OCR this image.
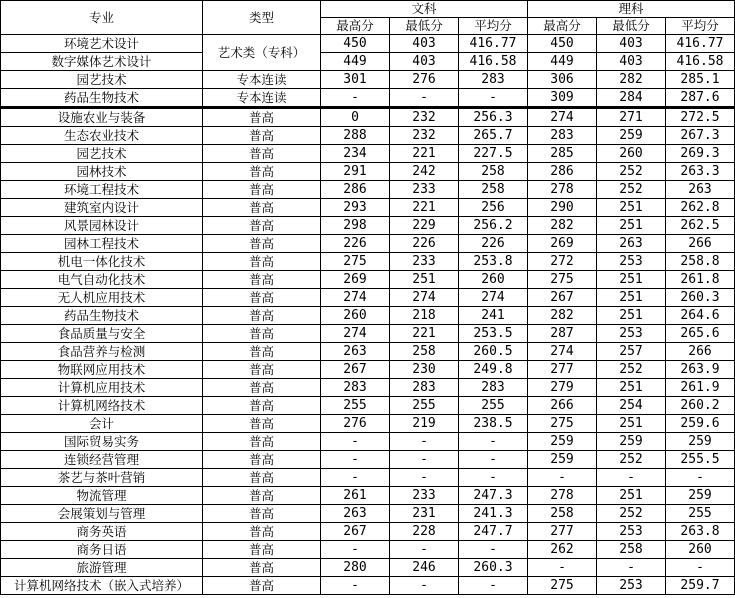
专业	类型	文科			理科		
		最高分	最低分	平均分	最高分	最低分	平均分
环境艺术设计	艺术类（专科）	450	403	416.77	450	403	416.77
数字媒体艺术设计		449	403	416.58	449	403	416.58
园艺技术	专本连读	301	276	283	306	282	285.1
药品生物技术	专本连读	-	-	-	309	284	287.6
设施农业与装备	普高	0	232	256.3	274	271	272.5
生态农业技术	普高	288	232	265.7	283	259	267.3
园艺技术	普高	234	221	227.5	285	260	269.3
园林技术	普高	291	242	258	286	252	263.3
环境工程技术	普高	286	233	258	278	252	263
建筑室内设计	普高	293	221	256	290	251	262.8
风景园林设计	普高	298	229	256.2	282	251	262.5
园林工程技术	普高	226	226	226	269	263	266
机电一体化技术	普高	275	233	253.8	272	253	258.8
电气自动化技术	普高	269	251	260	275	251	261.8
无人机应用技术	普高	274	274	274	267	251	260.3
药品生物技术	普高	260	218	241	282	251	264.6
食品质量与安全	普高	274	221	253.5	287	253	265.6
食品营养与检测	普高	263	258	260.5	274	257	266
物联网应用技术	普高	267	230	249.8	277	252	263.9
计算机应用技术	普高	283	283	283	279	251	261.9
计算机网络技术	普高	255	255	255	266	254	260.2
会计	普高	276	219	238.5	275	251	259.6
国际贸易实务	普高	-	-	-	259	259	259
连锁经营管理	普高	-	-	-	259	252	255.5
茶艺与茶叶营销	普高	-	-	-	-	-	-
物流管理	普高	261	233	247.3	278	251	259
会展策划与管理	普高	263	231	241.3	258	252	255
商务英语	普高	267	228	247.7	277	253	263.8
商务日语	普高	-	-	-	262	258	260
旅游管理	普高	280	246	260.3	-	-	-
计算机网络技术（嵌入式培养）	普高	-	-	-	275	253	259.7
